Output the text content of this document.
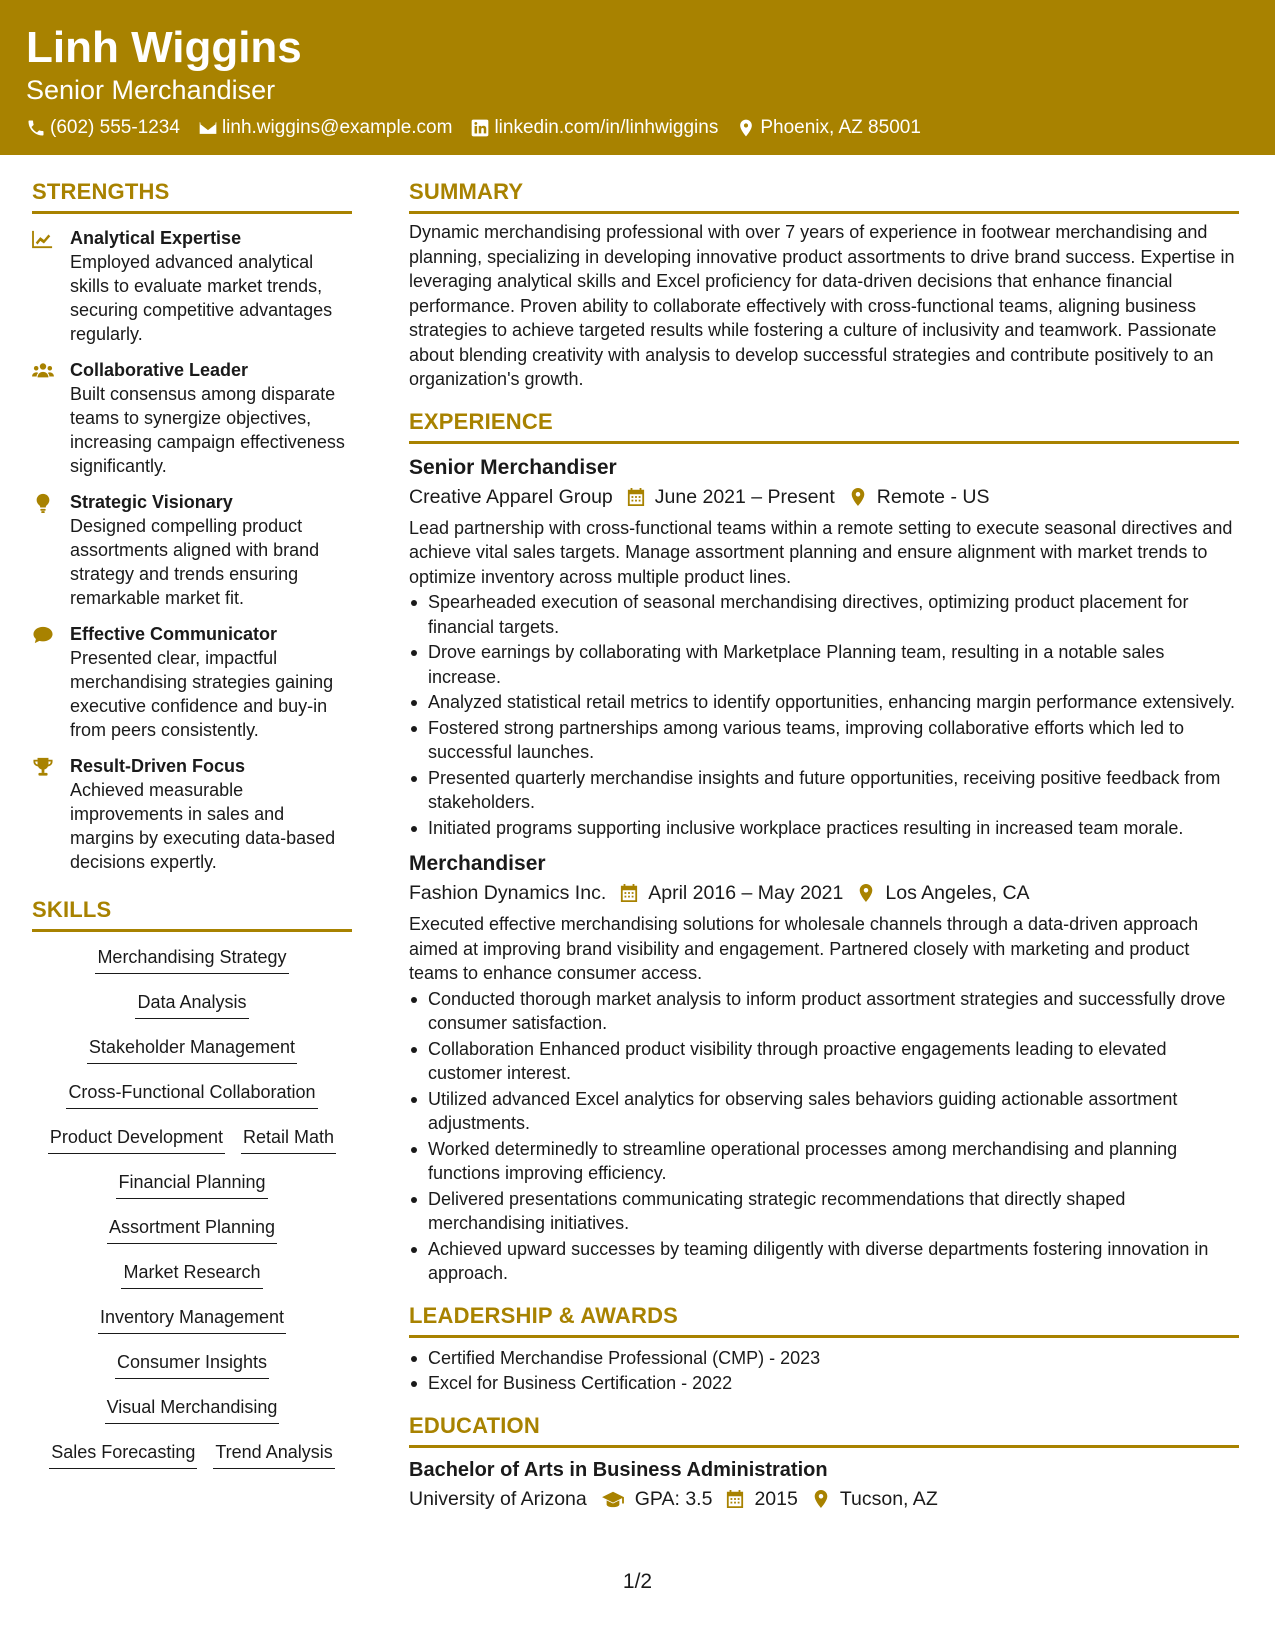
Linh Wiggins
Senior Merchandiser
(602) 555-1234 linh.wiggins@example.com linkedin.com/in/linhwiggins Phoenix, AZ 85001
STRENGTHS
Analytical Expertise
Employed advanced analytical skills to evaluate market trends, securing competitive advantages regularly.
Collaborative Leader
Built consensus among disparate teams to synergize objectives, increasing campaign effectiveness significantly.
Strategic Visionary
Designed compelling product assortments aligned with brand strategy and trends ensuring remarkable market fit.
Effective Communicator
Presented clear, impactful merchandising strategies gaining executive confidence and buy-in from peers consistently.
Result-Driven Focus
Achieved measurable improvements in sales and margins by executing data-based decisions expertly.
SKILLS
Merchandising Strategy
Data Analysis
Stakeholder Management
Cross-Functional Collaboration
Product Development Retail Math
Financial Planning
Assortment Planning
Market Research
Inventory Management
Consumer Insights
Visual Merchandising
Sales Forecasting Trend Analysis
SUMMARY
Dynamic merchandising professional with over 7 years of experience in footwear merchandising and planning, specializing in developing innovative product assortments to drive brand success. Expertise in leveraging analytical skills and Excel proficiency for data-driven decisions that enhance financial performance. Proven ability to collaborate effectively with cross-functional teams, aligning business strategies to achieve targeted results while fostering a culture of inclusivity and teamwork. Passionate about blending creativity with analysis to develop successful strategies and contribute positively to an organization's growth.
EXPERIENCE
Senior Merchandiser
Creative Apparel Group June 2021 – Present Remote - US
Lead partnership with cross-functional teams within a remote setting to execute seasonal directives and achieve vital sales targets. Manage assortment planning and ensure alignment with market trends to optimize inventory across multiple product lines.
Spearheaded execution of seasonal merchandising directives, optimizing product placement for financial targets.
Drove earnings by collaborating with Marketplace Planning team, resulting in a notable sales increase.
Analyzed statistical retail metrics to identify opportunities, enhancing margin performance extensively.
Fostered strong partnerships among various teams, improving collaborative efforts which led to successful launches.
Presented quarterly merchandise insights and future opportunities, receiving positive feedback from stakeholders.
Initiated programs supporting inclusive workplace practices resulting in increased team morale.
Merchandiser
Fashion Dynamics Inc. April 2016 – May 2021 Los Angeles, CA
Executed effective merchandising solutions for wholesale channels through a data-driven approach aimed at improving brand visibility and engagement. Partnered closely with marketing and product teams to enhance consumer access.
Conducted thorough market analysis to inform product assortment strategies and successfully drove consumer satisfaction.
Collaboration Enhanced product visibility through proactive engagements leading to elevated customer interest.
Utilized advanced Excel analytics for observing sales behaviors guiding actionable assortment adjustments.
Worked determinedly to streamline operational processes among merchandising and planning functions improving efficiency.
Delivered presentations communicating strategic recommendations that directly shaped merchandising initiatives.
Achieved upward successes by teaming diligently with diverse departments fostering innovation in approach.
LEADERSHIP & AWARDS
Certified Merchandise Professional (CMP) - 2023
Excel for Business Certification - 2022
EDUCATION
Bachelor of Arts in Business Administration
University of Arizona GPA: 3.5 2015 Tucson, AZ
1/2
